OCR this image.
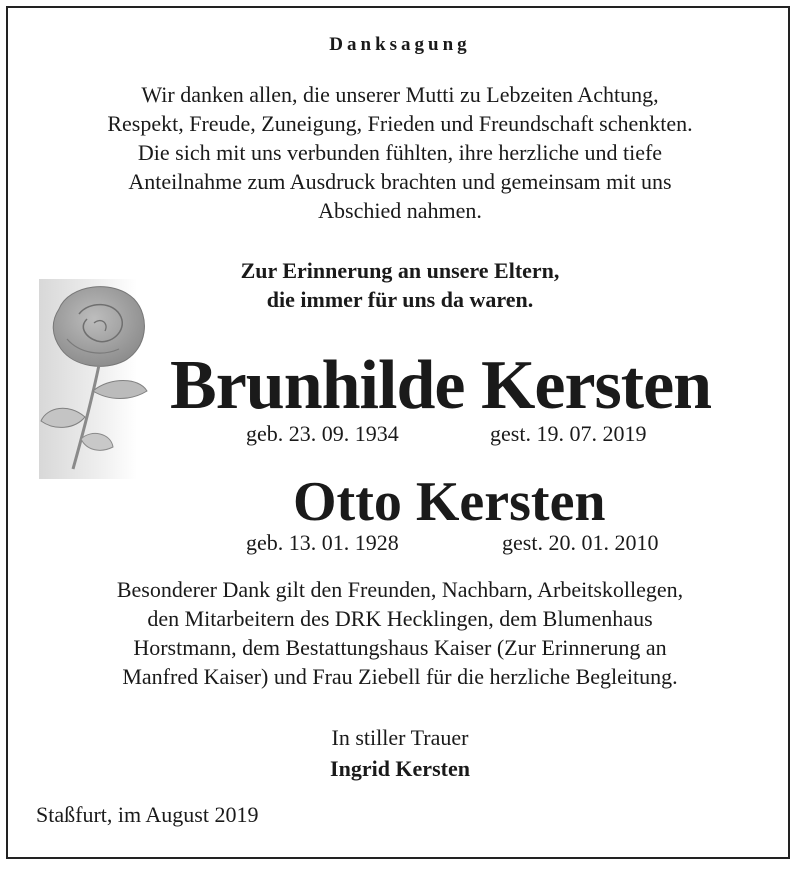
Danksagung
Wir danken allen, die unserer Mutti zu Lebzeiten Achtung,
Respekt, Freude, Zuneigung, Frieden und Freundschaft schenkten.
Die sich mit uns verbunden fühlten, ihre herzliche und tiefe
Anteilnahme zum Ausdruck brachten und gemeinsam mit uns
Abschied nahmen.
Zur Erinnerung an unsere Eltern,
die immer für uns da waren.
Brunhilde Kersten
geb. 23. 09. 1934	gest. 19. 07. 2019
Otto Kersten
geb. 13. 01. 1928	gest. 20. 01. 2010
Besonderer Dank gilt den Freunden, Nachbarn, Arbeitskollegen,
den Mitarbeitern des DRK Hecklingen, dem Blumenhaus
Horstmann, dem Bestattungshaus Kaiser (Zur Erinnerung an
Manfred Kaiser) und Frau Ziebell für die herzliche Begleitung.
In stiller Trauer
Ingrid Kersten
Staßfurt, im August 2019
